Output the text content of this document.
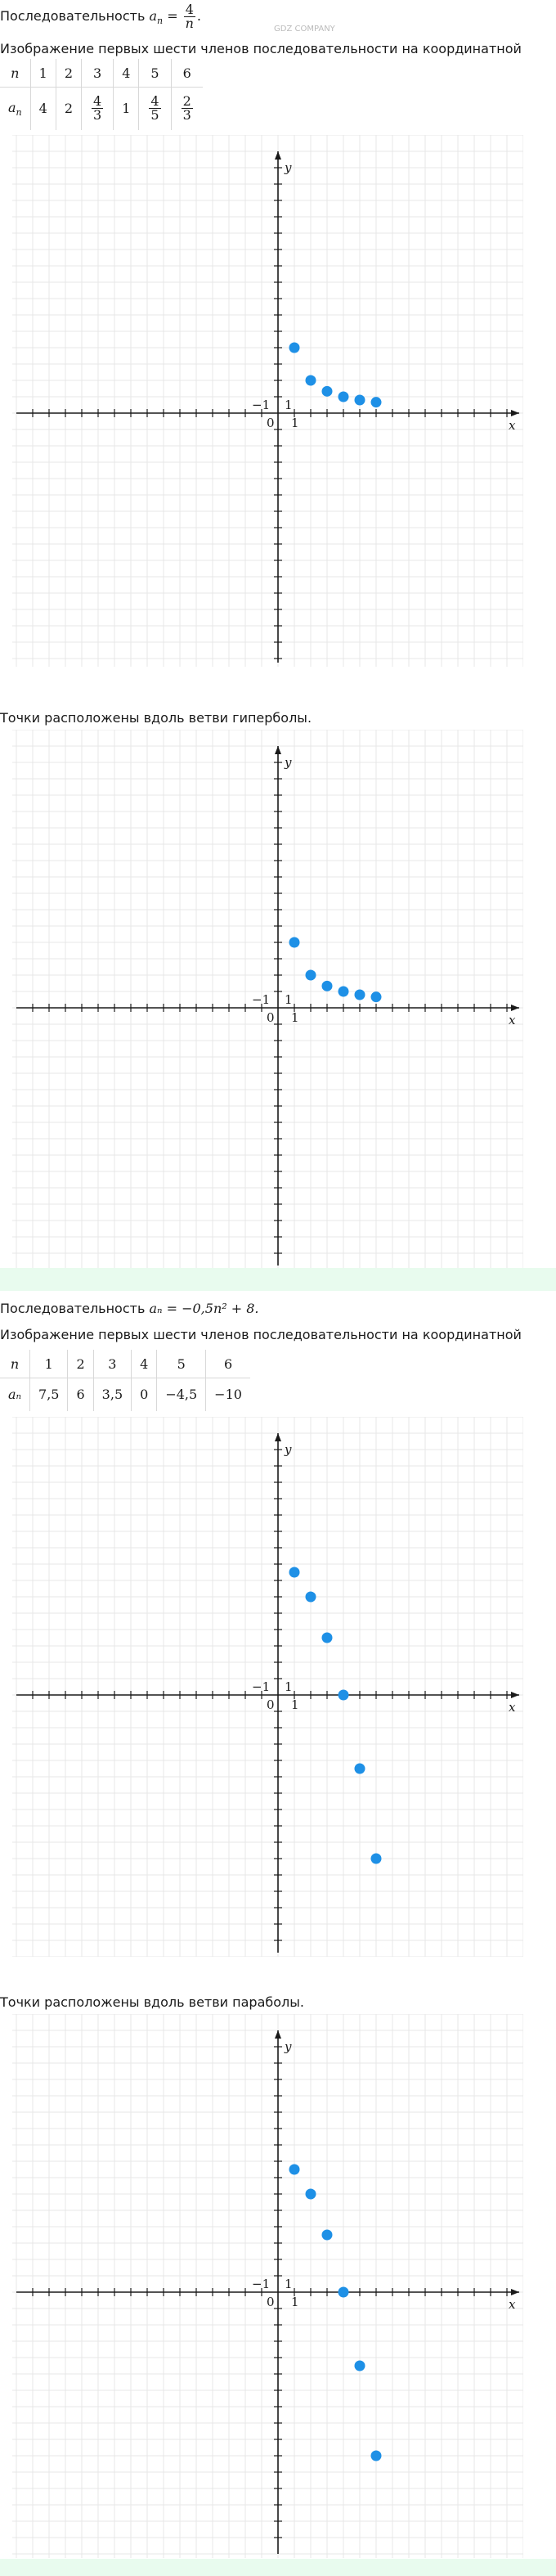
Последовательность $a_n = \frac{4}{n}$ .
GDZ COMPANY
Изображение первых шести членов последовательности на координатной
n	1	2	3	4	5	6
$a_n$	4	2	$\frac{4}{3}$	1	$\frac{4}{5}$	$\frac{2}{3}$
x
y
0 1
1
−1
Точки расположены вдоль ветви гиперболы.
x
y
0 1
1
−1
Последовательность aₙ = −0,5n² + 8.
Изображение первых шести членов последовательности на координатной
n	1	2	3	4	5	6
aₙ	7,5	6	3,5	0	−4,5	−10
x
y
0 1
1
−1
Точки расположены вдоль ветви параболы.
x
y
0 1
1
−1
